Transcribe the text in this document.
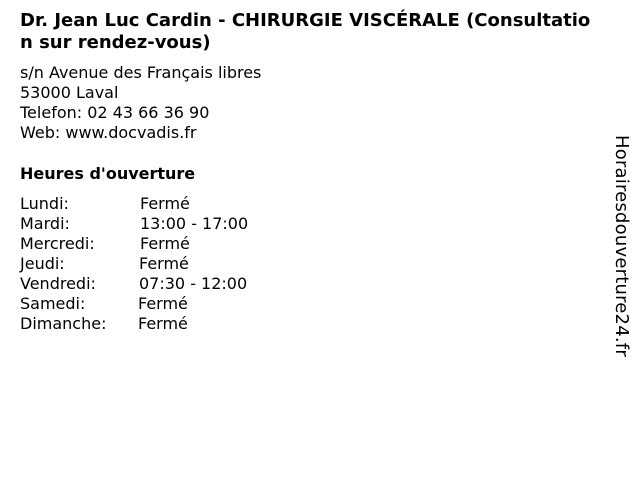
Dr. Jean Luc Cardin - CHIRURGIE VISCÉRALE (Consultation sur rendez-vous)
s/n Avenue des Français libres
53000 Laval
Telefon: 02 43 66 36 90
Web: www.docvadis.fr
Heures d'ouverture
Lundi:	Fermé
Mardi:	13:00 - 17:00
Mercredi:	Fermé
Jeudi:	Fermé
Vendredi:	07:30 - 12:00
Samedi:	Fermé
Dimanche:	Fermé	Horairesdouverture24.fr
